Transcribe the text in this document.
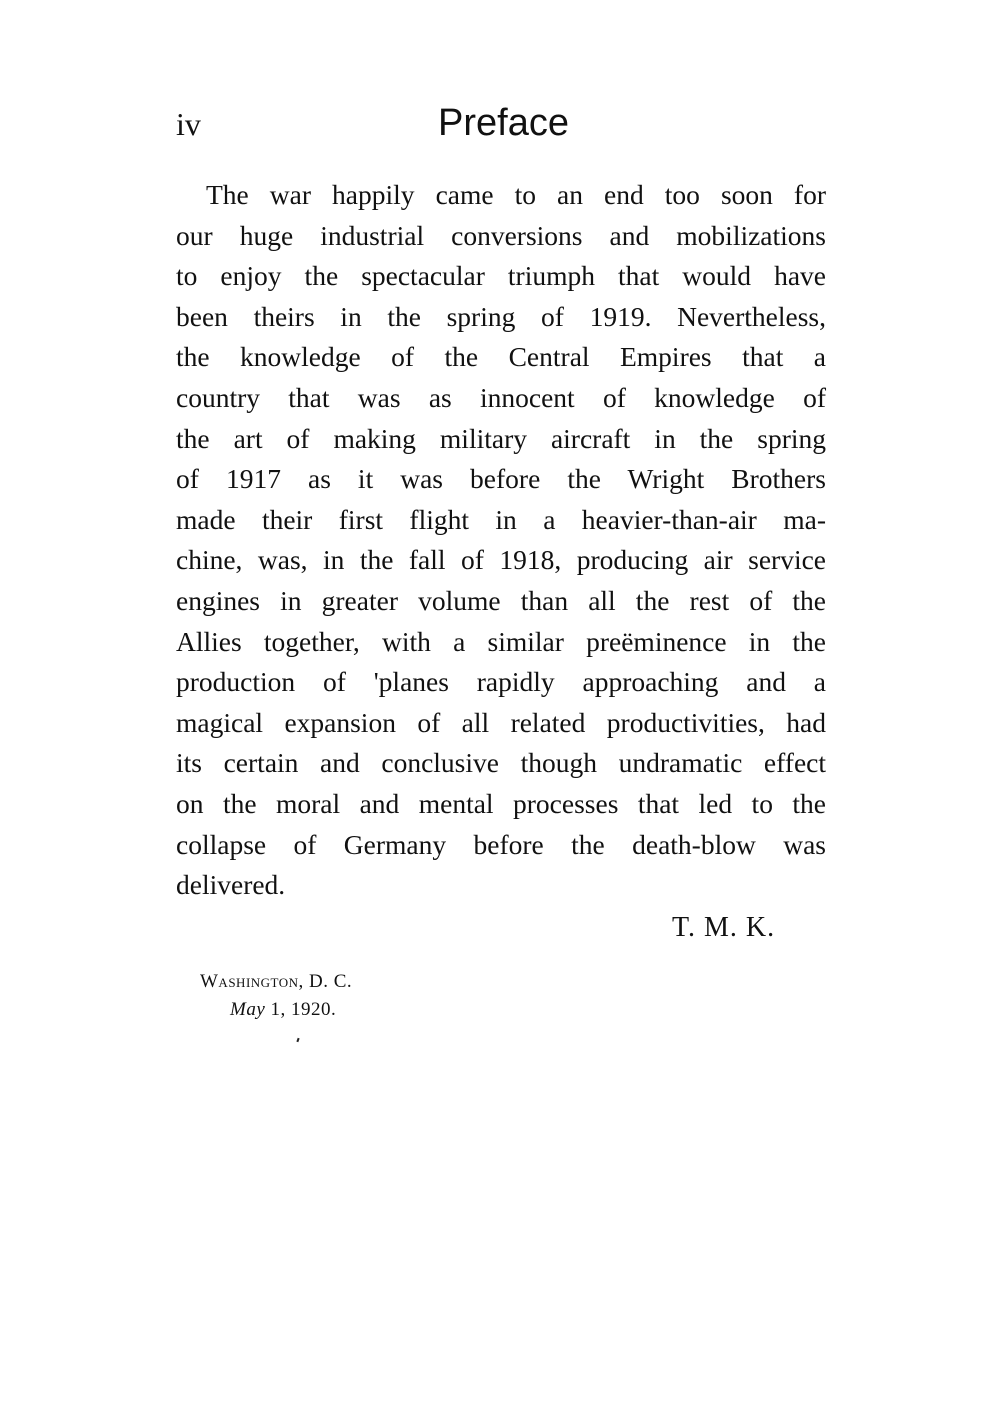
iv	Preface
The war happily came to an end too soon for
our huge industrial conversions and mobilizations
to enjoy the spectacular triumph that would have
been theirs in the spring of 1919. Nevertheless,
the knowledge of the Central Empires that a
country that was as innocent of knowledge of
the art of making military aircraft in the spring
of 1917 as it was before the Wright Brothers
made their first flight in a heavier-than-air ma-
chine, was, in the fall of 1918, producing air service
engines in greater volume than all the rest of the
Allies together, with a similar preëminence in the
production of 'planes rapidly approaching and a
magical expansion of all related productivities, had
its certain and conclusive though undramatic effect
on the moral and mental processes that led to the
collapse of Germany before the death-blow was
delivered.
T. M. K.
Washington, D. C.
May 1, 1920.
